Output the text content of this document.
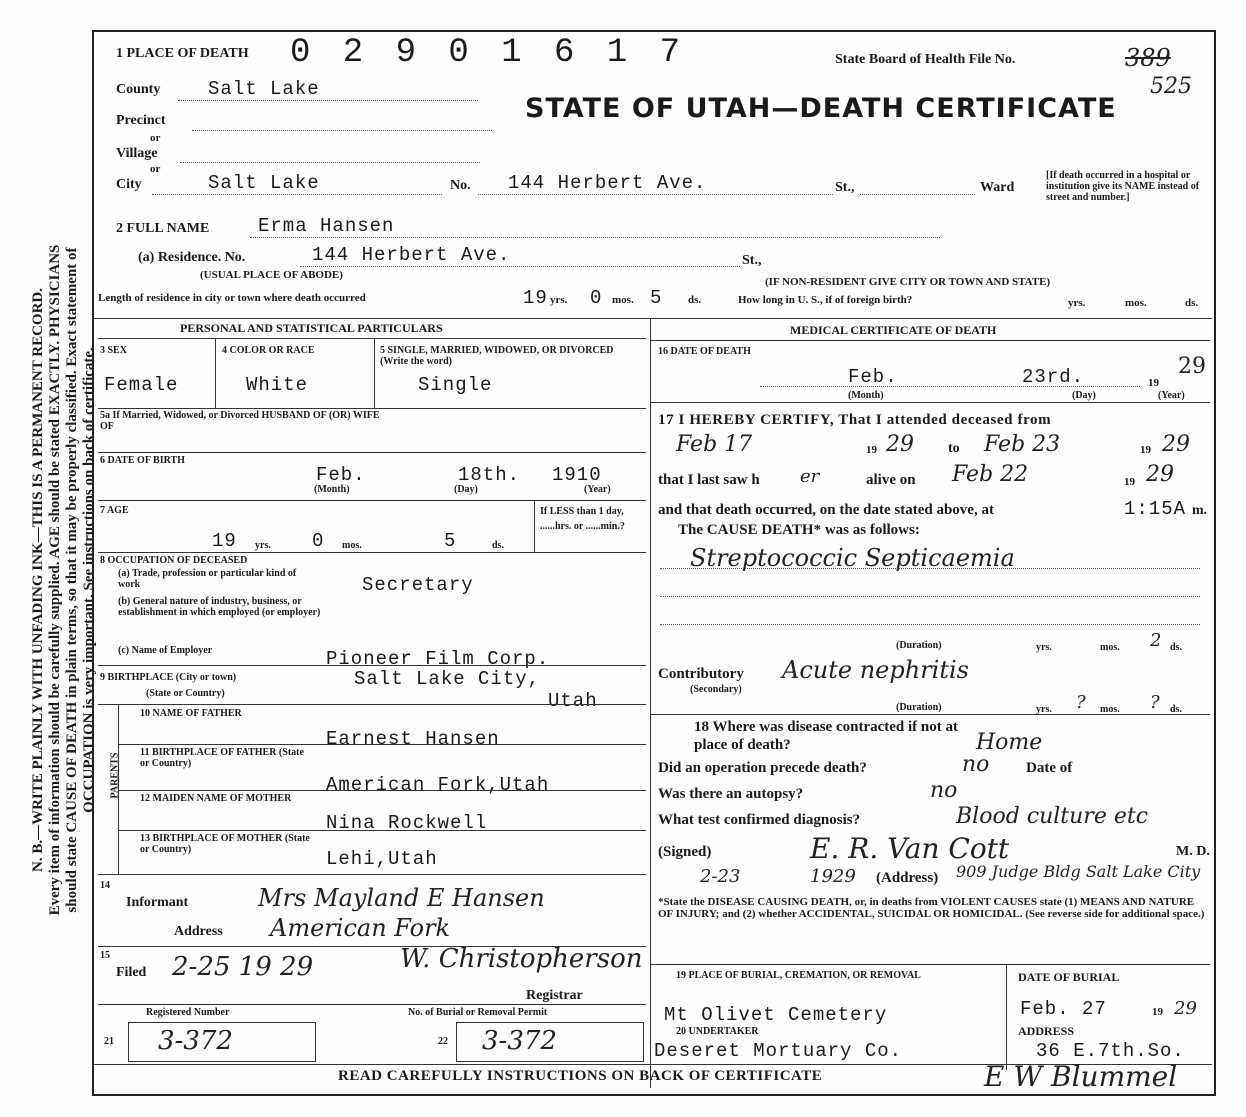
N. B.—WRITE PLAINLY WITH UNFADING INK—THIS IS A PERMANENT RECORD. Every item of information should be carefully supplied. AGE should be stated EXACTLY. PHYSICIANS should state CAUSE OF DEATH in plain terms, so that it may be properly classified. Exact statement of OCCUPATION is very important. See instructions on back of certificate.
1 PLACE OF DEATH 0 2 9 0 1 6 1 7	State Board of Health File No.	389
525
STATE OF UTAH—DEATH CERTIFICATE
County	Salt Lake
Precinct
or
Village
or
City	Salt Lake	No. 144 Herbert Ave.	St.,	Ward
[If death occurred in a hospital or institution give its NAME instead of street and number.]
2 FULL NAME	Erma Hansen
(a) Residence. No.	144 Herbert Ave.	St.,
(USUAL PLACE OF ABODE)
(IF NON-RESIDENT GIVE CITY OR TOWN AND STATE)
Length of residence in city or town where death occurred	19 yrs. 0 mos. 5 ds.	How long in U. S., if of foreign birth?	yrs.	mos.	ds.
PERSONAL AND STATISTICAL PARTICULARS
3 SEX
Female
4 COLOR OR RACE
White
5 SINGLE, MARRIED, WIDOWED, OR DIVORCED (Write the word)
Single
5a If Married, Widowed, or Divorced HUSBAND OF (OR) WIFE OF
6 DATE OF BIRTH
Feb.	18th. 1910
(Month)	(Day)	(Year)
7 AGE
19 yrs. 0 mos.	5	ds.
If LESS than 1 day, ......hrs. or ......min.?
8 OCCUPATION OF DECEASED
(a) Trade, profession or particular kind of work	Secretary
(b) General nature of industry, business, or establishment in which employed (or employer)
(c) Name of Employer	Pioneer Film Corp.
9 BIRTHPLACE (City or town)
(State or Country)
Salt Lake City,
Utah
PARENTS
10 NAME OF FATHER
Earnest Hansen
11 BIRTHPLACE OF FATHER (State or Country)
American Fork,Utah
12 MAIDEN NAME OF MOTHER
Nina Rockwell
13 BIRTHPLACE OF MOTHER (State or Country)	Lehi,Utah
14
Informant	Mrs Mayland E Hansen
Address American Fork
15
Filed 2-25 19 29	W. Christopherson
Registrar
Registered Number	No. of Burial or Removal Permit
21 3-372	22 3-372
MEDICAL CERTIFICATE OF DEATH
16 DATE OF DEATH
Feb.	23rd.	19
29
(Month)	(Day)	(Year)
17 I HEREBY CERTIFY, That I attended deceased from
Feb 17	19 29 to Feb 23	19 29
that I last saw h er	alive on Feb 22	19 29
and that death occurred, on the date stated above, at	1:15A m.
The CAUSE DEATH* was as follows:
Streptococcic Septicaemia
(Duration)	yrs.	mos.	ds.
2
Contributory
(Secondary)
Acute nephritis
(Duration)	yrs. ? mos. ? ds.
18 Where was disease contracted if not at place of death?	Home
Did an operation precede death?	no Date of
Was there an autopsy?	no
What test confirmed diagnosis?	Blood culture etc
(Signed)	E. R. Van Cott	M. D.
2-23	1929 (Address) 909 Judge Bldg Salt Lake City
*State the DISEASE CAUSING DEATH, or, in deaths from VIOLENT CAUSES state (1) MEANS AND NATURE OF INJURY; and (2) whether ACCIDENTAL, SUICIDAL OR HOMICIDAL. (See reverse side for additional space.)
19 PLACE OF BURIAL, CREMATION, OR REMOVAL
Mt Olivet Cemetery
DATE OF BURIAL
Feb. 27	19 29
20 UNDERTAKER
Deseret Mortuary Co.
ADDRESS
36 E.7th.So.
READ CAREFULLY INSTRUCTIONS ON BACK OF CERTIFICATE	E W Blummel
